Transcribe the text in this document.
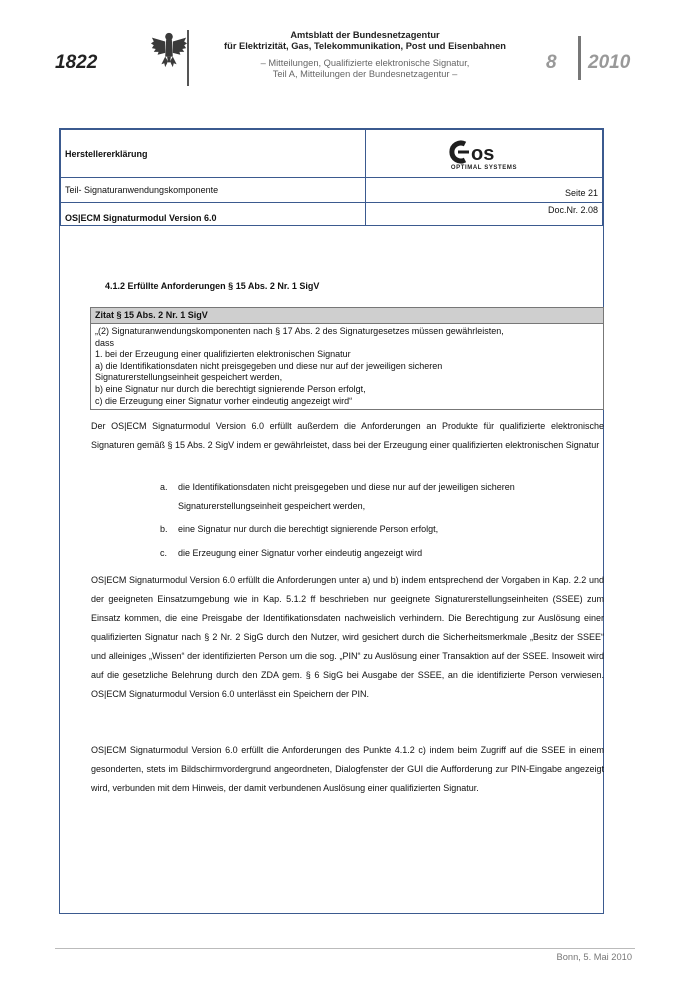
1822
Amtsblatt der Bundesnetzagentur
für Elektrizität, Gas, Telekommunikation, Post und Eisenbahnen
– Mitteilungen, Qualifizierte elektronische Signatur,
Teil A, Mitteilungen der Bundesnetzagentur –
8 2010
Herstellererklärung	os
OPTIMAL SYSTEMS

Teil- Signaturanwendungskomponente	Seite 21
OS|ECM Signaturmodul Version 6.0	Doc.Nr. 2.08
4.1.2 Erfüllte Anforderungen § 15 Abs. 2 Nr. 1 SigV
Zitat § 15 Abs. 2 Nr. 1 SigV
„(2) Signaturanwendungskomponenten nach § 17 Abs. 2 des Signaturgesetzes müssen gewährleisten,
dass
1. bei der Erzeugung einer qualifizierten elektronischen Signatur
a) die Identifikationsdaten nicht preisgegeben und diese nur auf der jeweiligen sicheren
Signaturerstellungseinheit gespeichert werden,
b) eine Signatur nur durch die berechtigt signierende Person erfolgt,
c) die Erzeugung einer Signatur vorher eindeutig angezeigt wird“

Der OS|ECM Signaturmodul Version 6.0 erfüllt außerdem die Anforderungen an Produkte für qualifizierte elektronische Signaturen gemäß § 15 Abs. 2 SigV indem er gewährleistet, dass bei der Erzeugung einer qualifizierten elektronischen Signatur

a. die Identifikationsdaten nicht preisgegeben und diese nur auf der jeweiligen sicheren Signaturerstellungseinheit gespeichert werden,
b. eine Signatur nur durch die berechtigt signierende Person erfolgt,
c. die Erzeugung einer Signatur vorher eindeutig angezeigt wird

OS|ECM Signaturmodul Version 6.0 erfüllt die Anforderungen unter a) und b) indem entsprechend der Vorgaben in Kap. 2.2 und der geeigneten Einsatzumgebung wie in Kap. 5.1.2 ff beschrieben nur geeignete Signaturerstellungseinheiten (SSEE) zum Einsatz kommen, die eine Preisgabe der Identifikationsdaten nachweislich verhindern. Die Berechtigung zur Auslösung einer qualifizierten Signatur nach § 2 Nr. 2 SigG durch den Nutzer, wird gesichert durch die Sicherheitsmerkmale „Besitz der SSEE“ und alleiniges „Wissen“ der identifizierten Person um die sog. „PIN“ zu Auslösung einer Transaktion auf der SSEE. Insoweit wird auf die gesetzliche Belehrung durch den ZDA gem. § 6 SigG bei Ausgabe der SSEE, an die identifizierte Person verwiesen. OS|ECM Signaturmodul Version 6.0 unterlässt ein Speichern der PIN.

OS|ECM Signaturmodul Version 6.0 erfüllt die Anforderungen des Punkte 4.1.2 c) indem beim Zugriff auf die SSEE in einem gesonderten, stets im Bildschirmvordergrund angeordneten, Dialogfenster der GUI die Aufforderung zur PIN-Eingabe angezeigt wird, verbunden mit dem Hinweis, der damit verbundenen Auslösung einer qualifizierten Signatur.

Bonn, 5. Mai 2010
